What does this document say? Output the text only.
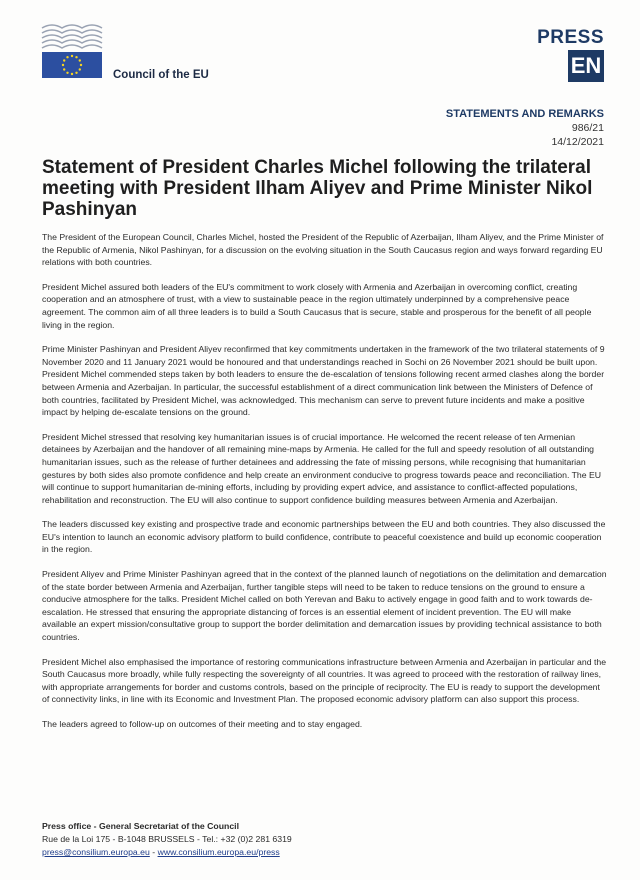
Council of the EU
PRESS
EN
STATEMENTS AND REMARKS
986/21
14/12/2021
Statement of President Charles Michel following the trilateral meeting with President Ilham Aliyev and Prime Minister Nikol Pashinyan

The President of the European Council, Charles Michel, hosted the President of the Republic of Azerbaijan, Ilham Aliyev, and the Prime Minister of the Republic of Armenia, Nikol Pashinyan, for a discussion on the evolving situation in the South Caucasus region and ways forward regarding EU relations with both countries.

President Michel assured both leaders of the EU's commitment to work closely with Armenia and Azerbaijan in overcoming conflict, creating cooperation and an atmosphere of trust, with a view to sustainable peace in the region ultimately underpinned by a comprehensive peace agreement. The common aim of all three leaders is to build a South Caucasus that is secure, stable and prosperous for the benefit of all people living in the region.

Prime Minister Pashinyan and President Aliyev reconfirmed that key commitments undertaken in the framework of the two trilateral statements of 9 November 2020 and 11 January 2021 would be honoured and that understandings reached in Sochi on 26 November 2021 should be built upon. President Michel commended steps taken by both leaders to ensure the de-escalation of tensions following recent armed clashes along the border between Armenia and Azerbaijan. In particular, the successful establishment of a direct communication link between the Ministers of Defence of both countries, facilitated by President Michel, was acknowledged. This mechanism can serve to prevent future incidents and make a positive impact by helping de-escalate tensions on the ground.

President Michel stressed that resolving key humanitarian issues is of crucial importance. He welcomed the recent release of ten Armenian detainees by Azerbaijan and the handover of all remaining mine-maps by Armenia. He called for the full and speedy resolution of all outstanding humanitarian issues, such as the release of further detainees and addressing the fate of missing persons, while recognising that humanitarian gestures by both sides also promote confidence and help create an environment conducive to progress towards peace and reconciliation. The EU will continue to support humanitarian de-mining efforts, including by providing expert advice, and assistance to conflict-affected populations, rehabilitation and reconstruction. The EU will also continue to support confidence building measures between Armenia and Azerbaijan.

The leaders discussed key existing and prospective trade and economic partnerships between the EU and both countries. They also discussed the EU's intention to launch an economic advisory platform to build confidence, contribute to peaceful coexistence and build up economic cooperation in the region.

President Aliyev and Prime Minister Pashinyan agreed that in the context of the planned launch of negotiations on the delimitation and demarcation of the state border between Armenia and Azerbaijan, further tangible steps will need to be taken to reduce tensions on the ground to ensure a conducive atmosphere for the talks. President Michel called on both Yerevan and Baku to actively engage in good faith and to work towards de-escalation. He stressed that ensuring the appropriate distancing of forces is an essential element of incident prevention. The EU will make available an expert mission/consultative group to support the border delimitation and demarcation issues by providing technical assistance to both countries.

President Michel also emphasised the importance of restoring communications infrastructure between Armenia and Azerbaijan in particular and the South Caucasus more broadly, while fully respecting the sovereignty of all countries. It was agreed to proceed with the restoration of railway lines, with appropriate arrangements for border and customs controls, based on the principle of reciprocity. The EU is ready to support the development of connectivity links, in line with its Economic and Investment Plan. The proposed economic advisory platform can also support this process.

The leaders agreed to follow-up on outcomes of their meeting and to stay engaged.

Press office - General Secretariat of the Council
Rue de la Loi 175 - B-1048 BRUSSELS - Tel.: +32 (0)2 281 6319
press@consilium.europa.eu - www.consilium.europa.eu/press
